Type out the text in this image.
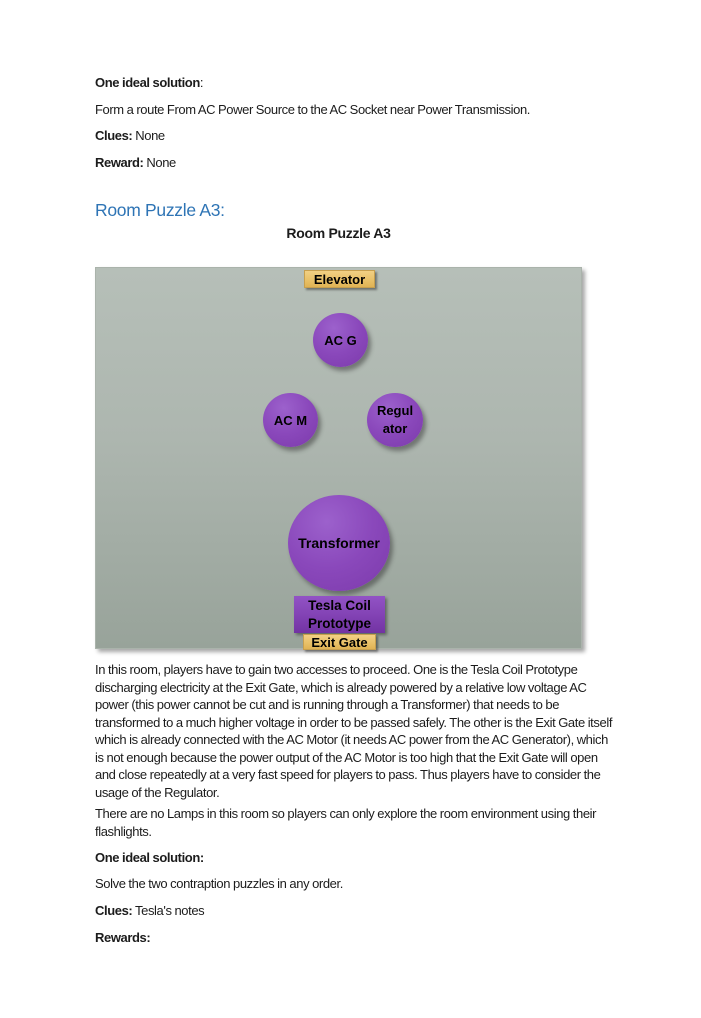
One ideal solution:

Form a route From AC Power Source to the AC Socket near Power Transmission.

Clues: None

Reward: None

Room Puzzle A3:
Room Puzzle A3
Elevator
AC G
AC M
Regul
ator
Transformer
Tesla Coil
Prototype
Exit Gate
In this room, players have to gain two accesses to proceed. One is the Tesla Coil Prototype discharging electricity at the Exit Gate, which is already powered by a relative low voltage AC power (this power cannot be cut and is running through a Transformer) that needs to be transformed to a much higher voltage in order to be passed safely. The other is the Exit Gate itself which is already connected with the AC Motor (it needs AC power from the AC Generator), which is not enough because the power output of the AC Motor is too high that the Exit Gate will open and close repeatedly at a very fast speed for players to pass. Thus players have to consider the usage of the Regulator.
There are no Lamps in this room so players can only explore the room environment using their flashlights.
One ideal solution:
Solve the two contraption puzzles in any order.
Clues: Tesla's notes
Rewards:
